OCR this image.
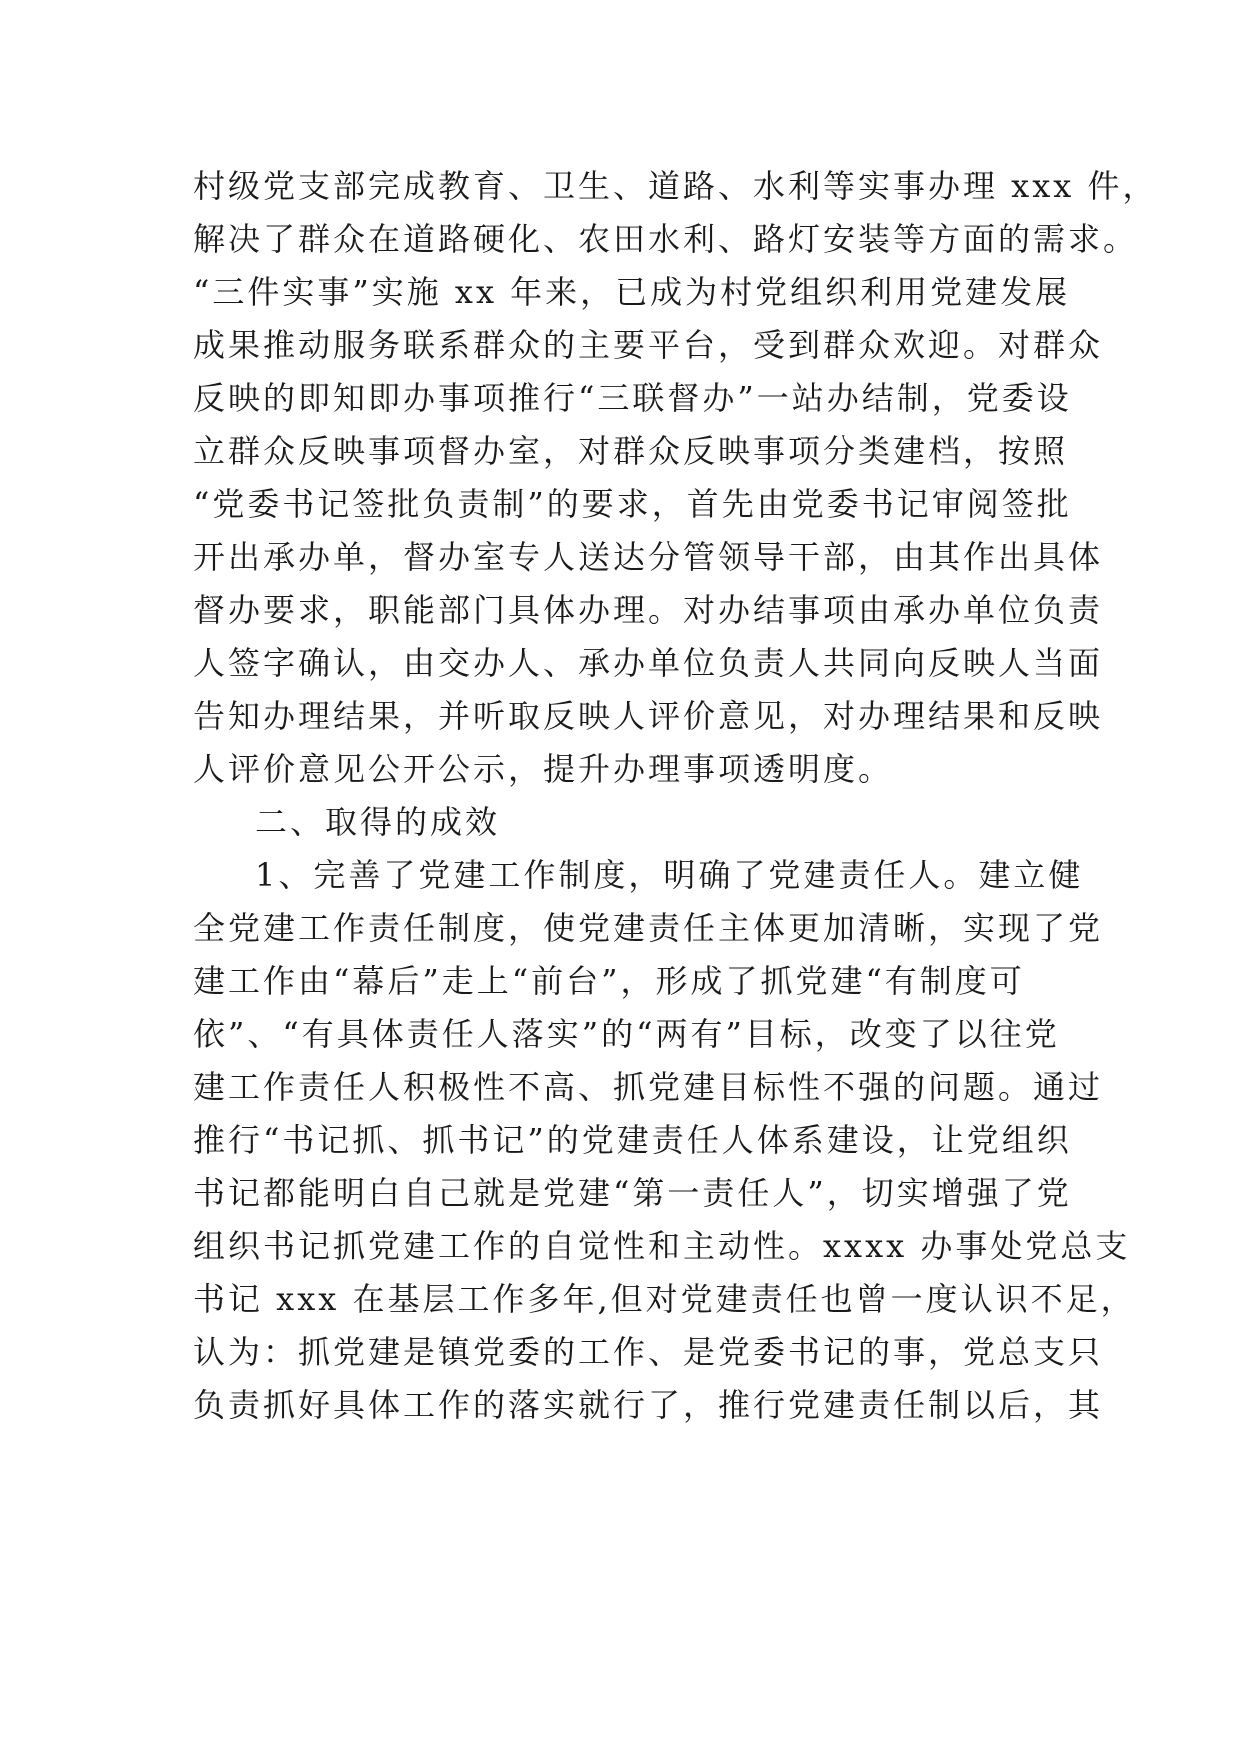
村级党支部完成教育、卫生、道路、水利等实事办理 xxx 件，
解决了群众在道路硬化、农田水利、路灯安装等方面的需求。
“三件实事”实施 xx 年来，已成为村党组织利用党建发展
成果推动服务联系群众的主要平台，受到群众欢迎。对群众
反映的即知即办事项推行“三联督办”一站办结制，党委设
立群众反映事项督办室，对群众反映事项分类建档，按照
“党委书记签批负责制”的要求，首先由党委书记审阅签批
开出承办单，督办室专人送达分管领导干部，由其作出具体
督办要求，职能部门具体办理。对办结事项由承办单位负责
人签字确认，由交办人、承办单位负责人共同向反映人当面
告知办理结果，并听取反映人评价意见，对办理结果和反映
人评价意见公开公示，提升办理事项透明度。
二、取得的成效
1、完善了党建工作制度，明确了党建责任人。建立健
全党建工作责任制度，使党建责任主体更加清晰，实现了党
建工作由“幕后”走上“前台”，形成了抓党建“有制度可
依”、“有具体责任人落实”的“两有”目标，改变了以往党
建工作责任人积极性不高、抓党建目标性不强的问题。通过
推行“书记抓、抓书记”的党建责任人体系建设，让党组织
书记都能明白自己就是党建“第一责任人”，切实增强了党
组织书记抓党建工作的自觉性和主动性。xxxx 办事处党总支
书记 xxx 在基层工作多年,但对党建责任也曾一度认识不足，
认为：抓党建是镇党委的工作、是党委书记的事，党总支只
负责抓好具体工作的落实就行了，推行党建责任制以后，其
